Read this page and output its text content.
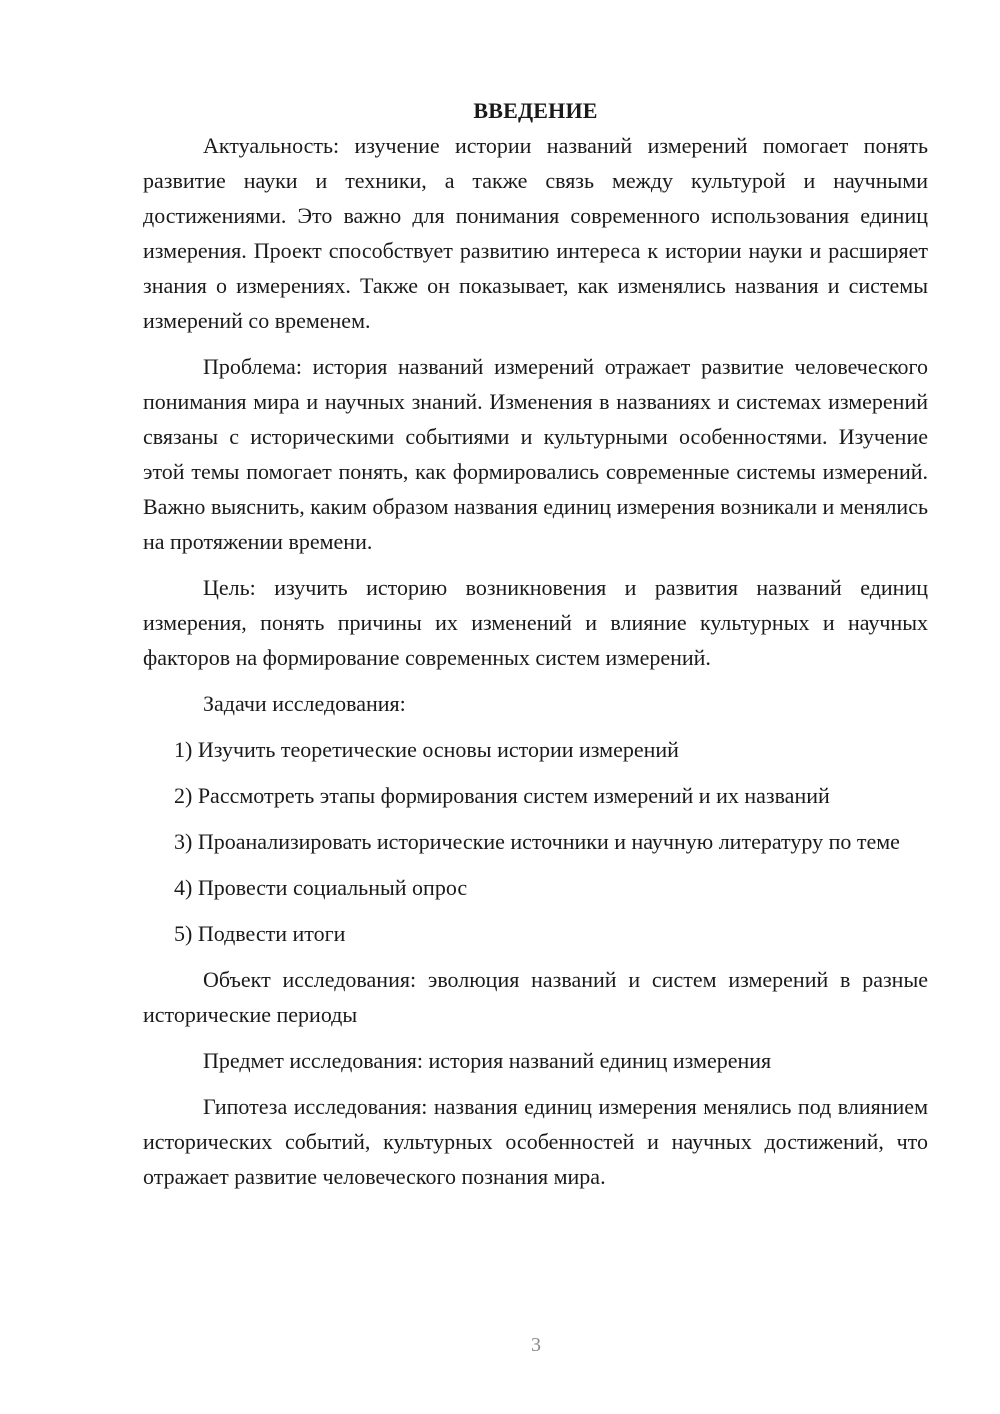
ВВЕДЕНИЕ

Актуальность: изучение истории названий измерений помогает понять развитие науки и техники, а также связь между культурой и научными достижениями. Это важно для понимания современного использования единиц измерения. Проект способствует развитию интереса к истории науки и расширяет знания о измерениях. Также он показывает, как изменялись названия и системы измерений со временем.

Проблема: история названий измерений отражает развитие человеческого понимания мира и научных знаний. Изменения в названиях и системах измерений связаны с историческими событиями и культурными особенностями. Изучение этой темы помогает понять, как формировались современные системы измерений. Важно выяснить, каким образом названия единиц измерения возникали и менялись на протяжении времени.

Цель: изучить историю возникновения и развития названий единиц измерения, понять причины их изменений и влияние культурных и научных факторов на формирование современных систем измерений.

Задачи исследования:

1) Изучить теоретические основы истории измерений

2) Рассмотреть этапы формирования систем измерений и их названий

3) Проанализировать исторические источники и научную литературу по теме

4) Провести социальный опрос

5) Подвести итоги

Объект исследования: эволюция названий и систем измерений в разные исторические периоды

Предмет исследования: история названий единиц измерения

Гипотеза исследования: названия единиц измерения менялись под влиянием исторических событий, культурных особенностей и научных достижений, что отражает развитие человеческого познания мира.

3
